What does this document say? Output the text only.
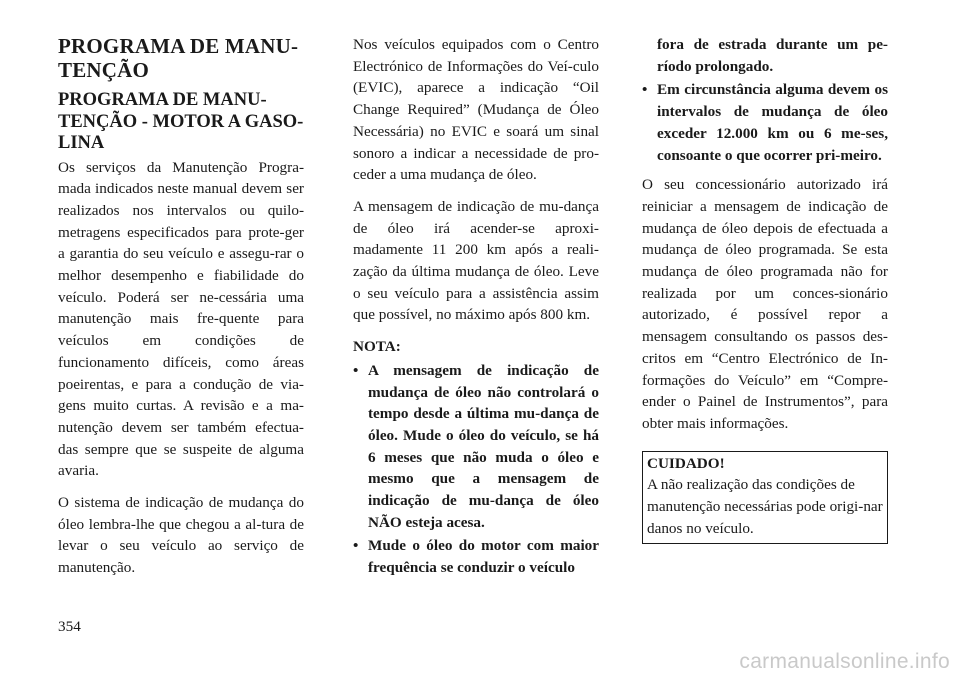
PROGRAMA DE MANU-
TENÇÃO
PROGRAMA DE MANU-
TENÇÃO - MOTOR A GASO-
LINA

Os serviços da Manutenção Progra-mada indicados neste manual devem ser realizados nos intervalos ou quilo-metragens especificados para prote-ger a garantia do seu veículo e assegu-rar o melhor desempenho e fiabilidade do veículo. Poderá ser ne-cessária uma manutenção mais fre-quente para veículos em condições de funcionamento difíceis, como áreas poeirentas, e para a condução de via-gens muito curtas. A revisão e a ma-nutenção devem ser também efectua-das sempre que se suspeite de alguma avaria.

O sistema de indicação de mudança do óleo lembra-lhe que chegou a al-tura de levar o seu veículo ao serviço de manutenção.

Nos veículos equipados com o Centro Electrónico de Informações do Veí-culo (EVIC), aparece a indicação “Oil Change Required” (Mudança de Óleo Necessária) no EVIC e soará um sinal sonoro a indicar a necessidade de pro-ceder a uma mudança de óleo.

A mensagem de indicação de mu-dança de óleo irá acender-se aproxi-madamente 11 200 km após a reali-zação da última mudança de óleo. Leve o seu veículo para a assistência assim que possível, no máximo após 800 km.

NOTA:
• A mensagem de indicação de mudança de óleo não controlará o tempo desde a última mu-dança de óleo. Mude o óleo do veículo, se há 6 meses que não muda o óleo e mesmo que a mensagem de indicação de mu-dança de óleo NÃO esteja acesa.
• Mude o óleo do motor com maior frequência se conduzir o veículo
fora de estrada durante um pe-ríodo prolongado.
• Em circunstância alguma devem os intervalos de mudança de óleo exceder 12.000 km ou 6 me-ses, consoante o que ocorrer pri-meiro.

O seu concessionário autorizado irá reiniciar a mensagem de indicação de mudança de óleo depois de efectuada a mudança de óleo programada. Se esta mudança de óleo programada não for realizada por um conces-sionário autorizado, é possível repor a mensagem consultando os passos des-critos em “Centro Electrónico de In-formações do Veículo” em “Compre-ender o Painel de Instrumentos”, para obter mais informações.

CUIDADO!
A não realização das condições de manutenção necessárias pode origi-nar danos no veículo.
354
carmanualsonline.info
